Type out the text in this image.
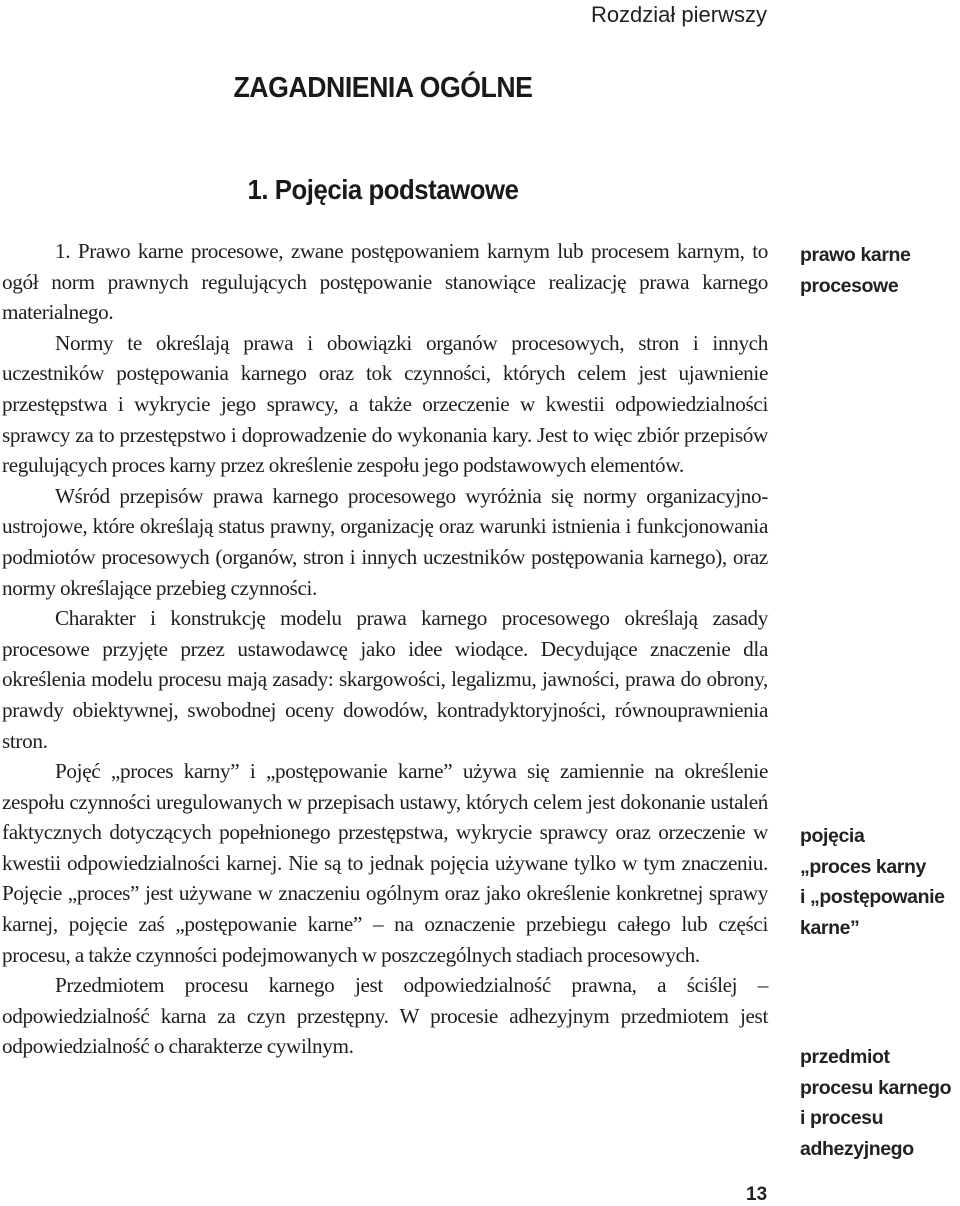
Rozdział pierwszy
ZAGADNIENIA OGÓLNE
1. Pojęcia podstawowe

1. Prawo karne procesowe, zwane postępowaniem karnym lub procesem karnym, to ogół norm prawnych regulujących postępowanie stanowiące realizację prawa karnego materialnego.

Normy te określają prawa i obowiązki organów procesowych, stron i innych uczestników postępowania karnego oraz tok czynności, których celem jest ujawnienie przestępstwa i wykrycie jego sprawcy, a także orzeczenie w kwestii odpowiedzialności sprawcy za to przestępstwo i doprowadzenie do wykonania kary. Jest to więc zbiór przepisów regulujących proces karny przez określenie zespołu jego podstawowych elementów.

Wśród przepisów prawa karnego procesowego wyróżnia się normy organizacyjno-ustrojowe, które określają status prawny, organizację oraz warunki istnienia i funkcjonowania podmiotów procesowych (organów, stron i innych uczestników postępowania karnego), oraz normy określające przebieg czynności.

Charakter i konstrukcję modelu prawa karnego procesowego określają zasady procesowe przyjęte przez ustawodawcę jako idee wiodące. Decydujące znaczenie dla określenia modelu procesu mają zasady: skargowości, legalizmu, jawności, prawa do obrony, prawdy obiektywnej, swobodnej oceny dowodów, kontradyktoryjności, równouprawnienia stron.

Pojęć „proces karny” i „postępowanie karne” używa się zamiennie na określenie zespołu czynności uregulowanych w przepisach ustawy, których celem jest dokonanie ustaleń faktycznych dotyczących popełnionego przestępstwa, wykrycie sprawcy oraz orzeczenie w kwestii odpowiedzialności karnej. Nie są to jednak pojęcia używane tylko w tym znaczeniu. Pojęcie „proces” jest używane w znaczeniu ogólnym oraz jako określenie konkretnej sprawy karnej, pojęcie zaś „postępowanie karne” – na oznaczenie przebiegu całego lub części procesu, a także czynności podejmowanych w poszczególnych stadiach procesowych.

Przedmiotem procesu karnego jest odpowiedzialność prawna, a ściślej – odpowiedzialność karna za czyn przestępny. W procesie adhezyjnym przedmiotem jest odpowiedzialność o charakterze cywilnym.

prawo karne
procesowe
pojęcia
„proces karny
i „postępowanie
karne”
przedmiot
procesu karnego
i procesu
adhezyjnego
13
